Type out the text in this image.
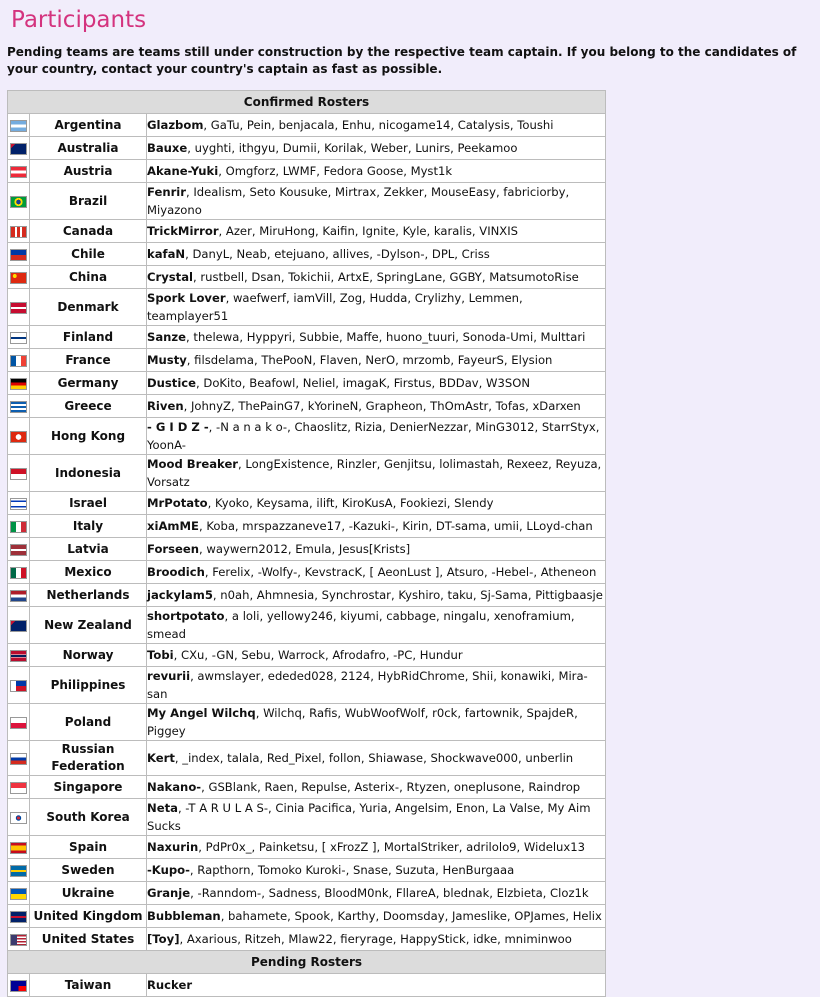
Participants

Pending teams are teams still under construction by the respective team captain. If you belong to the candidates of your country, contact your country's captain as fast as possible.

Confirmed Rosters		
	Argentina	Glazbom, GaTu, Pein, benjacala, Enhu, nicogame14, Catalysis, Toushi
	Australia	Bauxe, uyghti, ithgyu, Dumii, Korilak, Weber, Lunirs, Peekamoo
	Austria	Akane-Yuki, Omgforz, LWMF, Fedora Goose, Myst1k
	Brazil	Fenrir, Idealism, Seto Kousuke, Mirtrax, Zekker, MouseEasy, fabriciorby, Miyazono
	Canada	TrickMirror, Azer, MiruHong, Kaifin, Ignite, Kyle, karalis, VINXIS
	Chile	kafaN, DanyL, Neab, etejuano, allives, -Dylson-, DPL, Criss
	China	Crystal, rustbell, Dsan, Tokichii, ArtxE, SpringLane, GGBY, MatsumotoRise
	Denmark	Spork Lover, waefwerf, iamVill, Zog, Hudda, Crylizhy, Lemmen, teamplayer51
	Finland	Sanze, thelewa, Hyppyri, Subbie, Maffe, huono_tuuri, Sonoda-Umi, Multtari
	France	Musty, filsdelama, ThePooN, Flaven, NerO, mrzomb, FayeurS, Elysion
	Germany	Dustice, DoKito, Beafowl, Neliel, imagaK, Firstus, BDDav, W3SON
	Greece	Riven, JohnyZ, ThePainG7, kYorineN, Grapheon, ThOmAstr, Tofas, xDarxen
	Hong Kong	- G I D Z -, -N a n a k o-, Chaoslitz, Rizia, DenierNezzar, MinG3012, StarrStyx, YoonA-
	Indonesia	Mood Breaker, LongExistence, Rinzler, Genjitsu, lolimastah, Rexeez, Reyuza, Vorsatz
	Israel	MrPotato, Kyoko, Keysama, ilift, KiroKusA, Fookiezi, Slendy
	Italy	xiAmME, Koba, mrspazzaneve17, -Kazuki-, Kirin, DT-sama, umii, LLoyd-chan
	Latvia	Forseen, waywern2012, Emula, Jesus[Krists]
	Mexico	Broodich, Ferelix, -Wolfy-, KevstracK, [ AeonLust ], Atsuro, -Hebel-, Atheneon
	Netherlands	jackylam5, n0ah, Ahmnesia, Synchrostar, Kyshiro, taku, Sj-Sama, Pittigbaasje
	New Zealand	shortpotato, a loli, yellowy246, kiyumi, cabbage, ningalu, xenoframium, smead
	Norway	Tobi, CXu, -GN, Sebu, Warrock, Afrodafro, -PC, Hundur
	Philippines	revurii, awmslayer, ededed028, 2124, HybRidChrome, Shii, konawiki, Mira-san
	Poland	My Angel Wilchq, Wilchq, Rafis, WubWoofWolf, r0ck, fartownik, SpajdeR, Piggey
	Russian Federation	Kert, _index, talala, Red_Pixel, follon, Shiawase, Shockwave000, unberlin
	Singapore	Nakano-, GSBlank, Raen, Repulse, Asterix-, Rtyzen, oneplusone, Raindrop
	South Korea	Neta, -T A R U L A S-, Cinia Pacifica, Yuria, Angelsim, Enon, La Valse, My Aim Sucks
	Spain	Naxurin, PdPr0x_, Painketsu, [ xFrozZ ], MortalStriker, adrilolo9, Widelux13
	Sweden	-Kupo-, Rapthorn, Tomoko Kuroki-, Snase, Suzuta, HenBurgaaa
	Ukraine	Granje, -Ranndom-, Sadness, BloodM0nk, FllareA, blednak, Elzbieta, Cloz1k
	United Kingdom	Bubbleman, bahamete, Spook, Karthy, Doomsday, Jameslike, OPJames, Helix
	United States	[Toy], Axarious, Ritzeh, Mlaw22, fieryrage, HappyStick, idke, mniminwoo
Pending Rosters		
	Taiwan	Rucker
